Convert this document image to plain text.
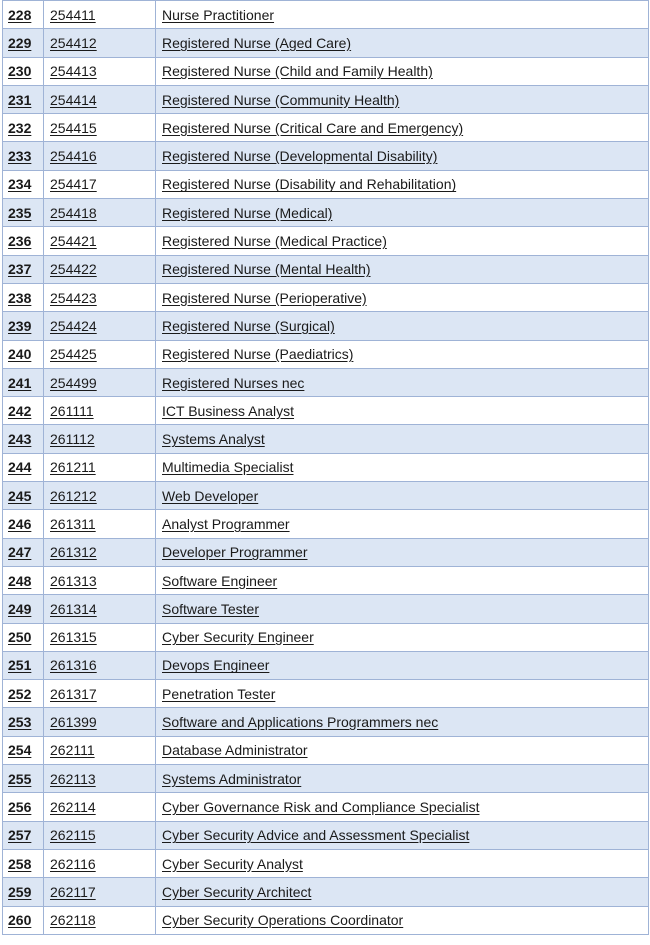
228	254411	Nurse Practitioner
229	254412	Registered Nurse (Aged Care)
230	254413	Registered Nurse (Child and Family Health)
231	254414	Registered Nurse (Community Health)
232	254415	Registered Nurse (Critical Care and Emergency)
233	254416	Registered Nurse (Developmental Disability)
234	254417	Registered Nurse (Disability and Rehabilitation)
235	254418	Registered Nurse (Medical)
236	254421	Registered Nurse (Medical Practice)
237	254422	Registered Nurse (Mental Health)
238	254423	Registered Nurse (Perioperative)
239	254424	Registered Nurse (Surgical)
240	254425	Registered Nurse (Paediatrics)
241	254499	Registered Nurses nec
242	261111	ICT Business Analyst
243	261112	Systems Analyst
244	261211	Multimedia Specialist
245	261212	Web Developer
246	261311	Analyst Programmer
247	261312	Developer Programmer
248	261313	Software Engineer
249	261314	Software Tester
250	261315	Cyber Security Engineer
251	261316	Devops Engineer
252	261317	Penetration Tester
253	261399	Software and Applications Programmers nec
254	262111	Database Administrator
255	262113	Systems Administrator
256	262114	Cyber Governance Risk and Compliance Specialist
257	262115	Cyber Security Advice and Assessment Specialist
258	262116	Cyber Security Analyst
259	262117	Cyber Security Architect
260	262118	Cyber Security Operations Coordinator
